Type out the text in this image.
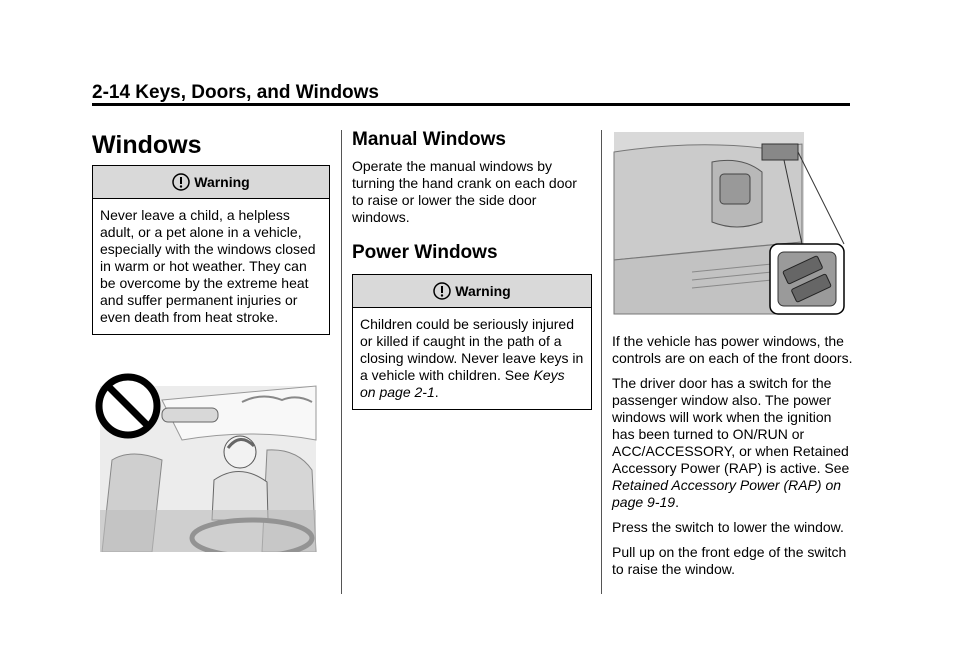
2-14 Keys, Doors, and Windows
Windows
Warning

Never leave a child, a helpless adult, or a pet alone in a vehicle, especially with the windows closed in warm or hot weather. They can be overcome by the extreme heat and suffer permanent injuries or even death from heat stroke.

Manual Windows

Operate the manual windows by turning the hand crank on each door to raise or lower the side door windows.

Power Windows
Warning

Children could be seriously injured or killed if caught in the path of a closing window. Never leave keys in a vehicle with children. See Keys on page 2-1.

If the vehicle has power windows, the controls are on each of the front doors.

The driver door has a switch for the passenger window also. The power windows will work when the ignition has been turned to ON/RUN or ACC/ACCESSORY, or when Retained Accessory Power (RAP) is active. See Retained Accessory Power (RAP) on page 9-19.

Press the switch to lower the window.

Pull up on the front edge of the switch to raise the window.
